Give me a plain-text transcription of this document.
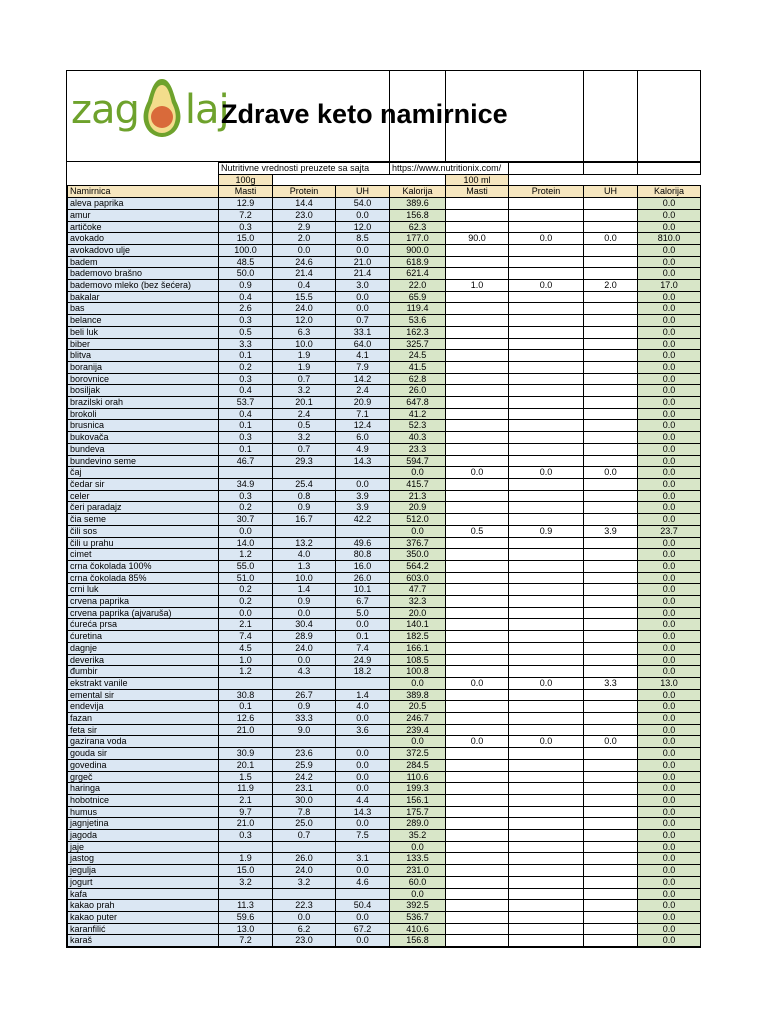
zag laj
Zdrave keto namirnice
	Nutritivne vrednosti preuzete sa sajta			https://www.nutritionix.com/				
	100g				100 ml			
Namirnica	Masti	Protein	UH	Kalorija	Masti	Protein	UH	Kalorija
aleva paprika	12.9	14.4	54.0	389.6				0.0
amur	7.2	23.0	0.0	156.8				0.0
artičoke	0.3	2.9	12.0	62.3				0.0
avokado	15.0	2.0	8.5	177.0	90.0	0.0	0.0	810.0
avokadovo ulje	100.0	0.0	0.0	900.0				0.0
badem	48.5	24.6	21.0	618.9				0.0
bademovo brašno	50.0	21.4	21.4	621.4				0.0
bademovo mleko (bez šećera)	0.9	0.4	3.0	22.0	1.0	0.0	2.0	17.0
bakalar	0.4	15.5	0.0	65.9				0.0
bas	2.6	24.0	0.0	119.4				0.0
belance	0.3	12.0	0.7	53.6				0.0
beli luk	0.5	6.3	33.1	162.3				0.0
biber	3.3	10.0	64.0	325.7				0.0
blitva	0.1	1.9	4.1	24.5				0.0
boranija	0.2	1.9	7.9	41.5				0.0
borovnice	0.3	0.7	14.2	62.8				0.0
bosiljak	0.4	3.2	2.4	26.0				0.0
brazilski orah	53.7	20.1	20.9	647.8				0.0
brokoli	0.4	2.4	7.1	41.2				0.0
brusnica	0.1	0.5	12.4	52.3				0.0
bukovača	0.3	3.2	6.0	40.3				0.0
bundeva	0.1	0.7	4.9	23.3				0.0
bundevino seme	46.7	29.3	14.3	594.7				0.0
čaj				0.0	0.0	0.0	0.0	0.0
čedar sir	34.9	25.4	0.0	415.7				0.0
celer	0.3	0.8	3.9	21.3				0.0
čeri paradajz	0.2	0.9	3.9	20.9				0.0
čia seme	30.7	16.7	42.2	512.0				0.0
čili sos	0.0			0.0	0.5	0.9	3.9	23.7
čili u prahu	14.0	13.2	49.6	376.7				0.0
cimet	1.2	4.0	80.8	350.0				0.0
crna čokolada 100%	55.0	1.3	16.0	564.2				0.0
crna čokolada 85%	51.0	10.0	26.0	603.0				0.0
crni luk	0.2	1.4	10.1	47.7				0.0
crvena paprika	0.2	0.9	6.7	32.3				0.0
crvena paprika (ajvaruša)	0.0	0.0	5.0	20.0				0.0
ćureća prsa	2.1	30.4	0.0	140.1				0.0
ćuretina	7.4	28.9	0.1	182.5				0.0
dagnje	4.5	24.0	7.4	166.1				0.0
deverika	1.0	0.0	24.9	108.5				0.0
đumbir	1.2	4.3	18.2	100.8				0.0
ekstrakt vanile				0.0	0.0	0.0	3.3	13.0
emental sir	30.8	26.7	1.4	389.8				0.0
endevija	0.1	0.9	4.0	20.5				0.0
fazan	12.6	33.3	0.0	246.7				0.0
feta sir	21.0	9.0	3.6	239.4				0.0
gazirana voda				0.0	0.0	0.0	0.0	0.0
gouda sir	30.9	23.6	0.0	372.5				0.0
govedina	20.1	25.9	0.0	284.5				0.0
grgeč	1.5	24.2	0.0	110.6				0.0
haringa	11.9	23.1	0.0	199.3				0.0
hobotnice	2.1	30.0	4.4	156.1				0.0
humus	9.7	7.8	14.3	175.7				0.0
jagnjetina	21.0	25.0	0.0	289.0				0.0
jagoda	0.3	0.7	7.5	35.2				0.0
jaje				0.0				0.0
jastog	1.9	26.0	3.1	133.5				0.0
jegulja	15.0	24.0	0.0	231.0				0.0
jogurt	3.2	3.2	4.6	60.0				0.0
kafa				0.0				0.0
kakao prah	11.3	22.3	50.4	392.5				0.0
kakao puter	59.6	0.0	0.0	536.7				0.0
karanfilić	13.0	6.2	67.2	410.6				0.0
karaš	7.2	23.0	0.0	156.8				0.0
